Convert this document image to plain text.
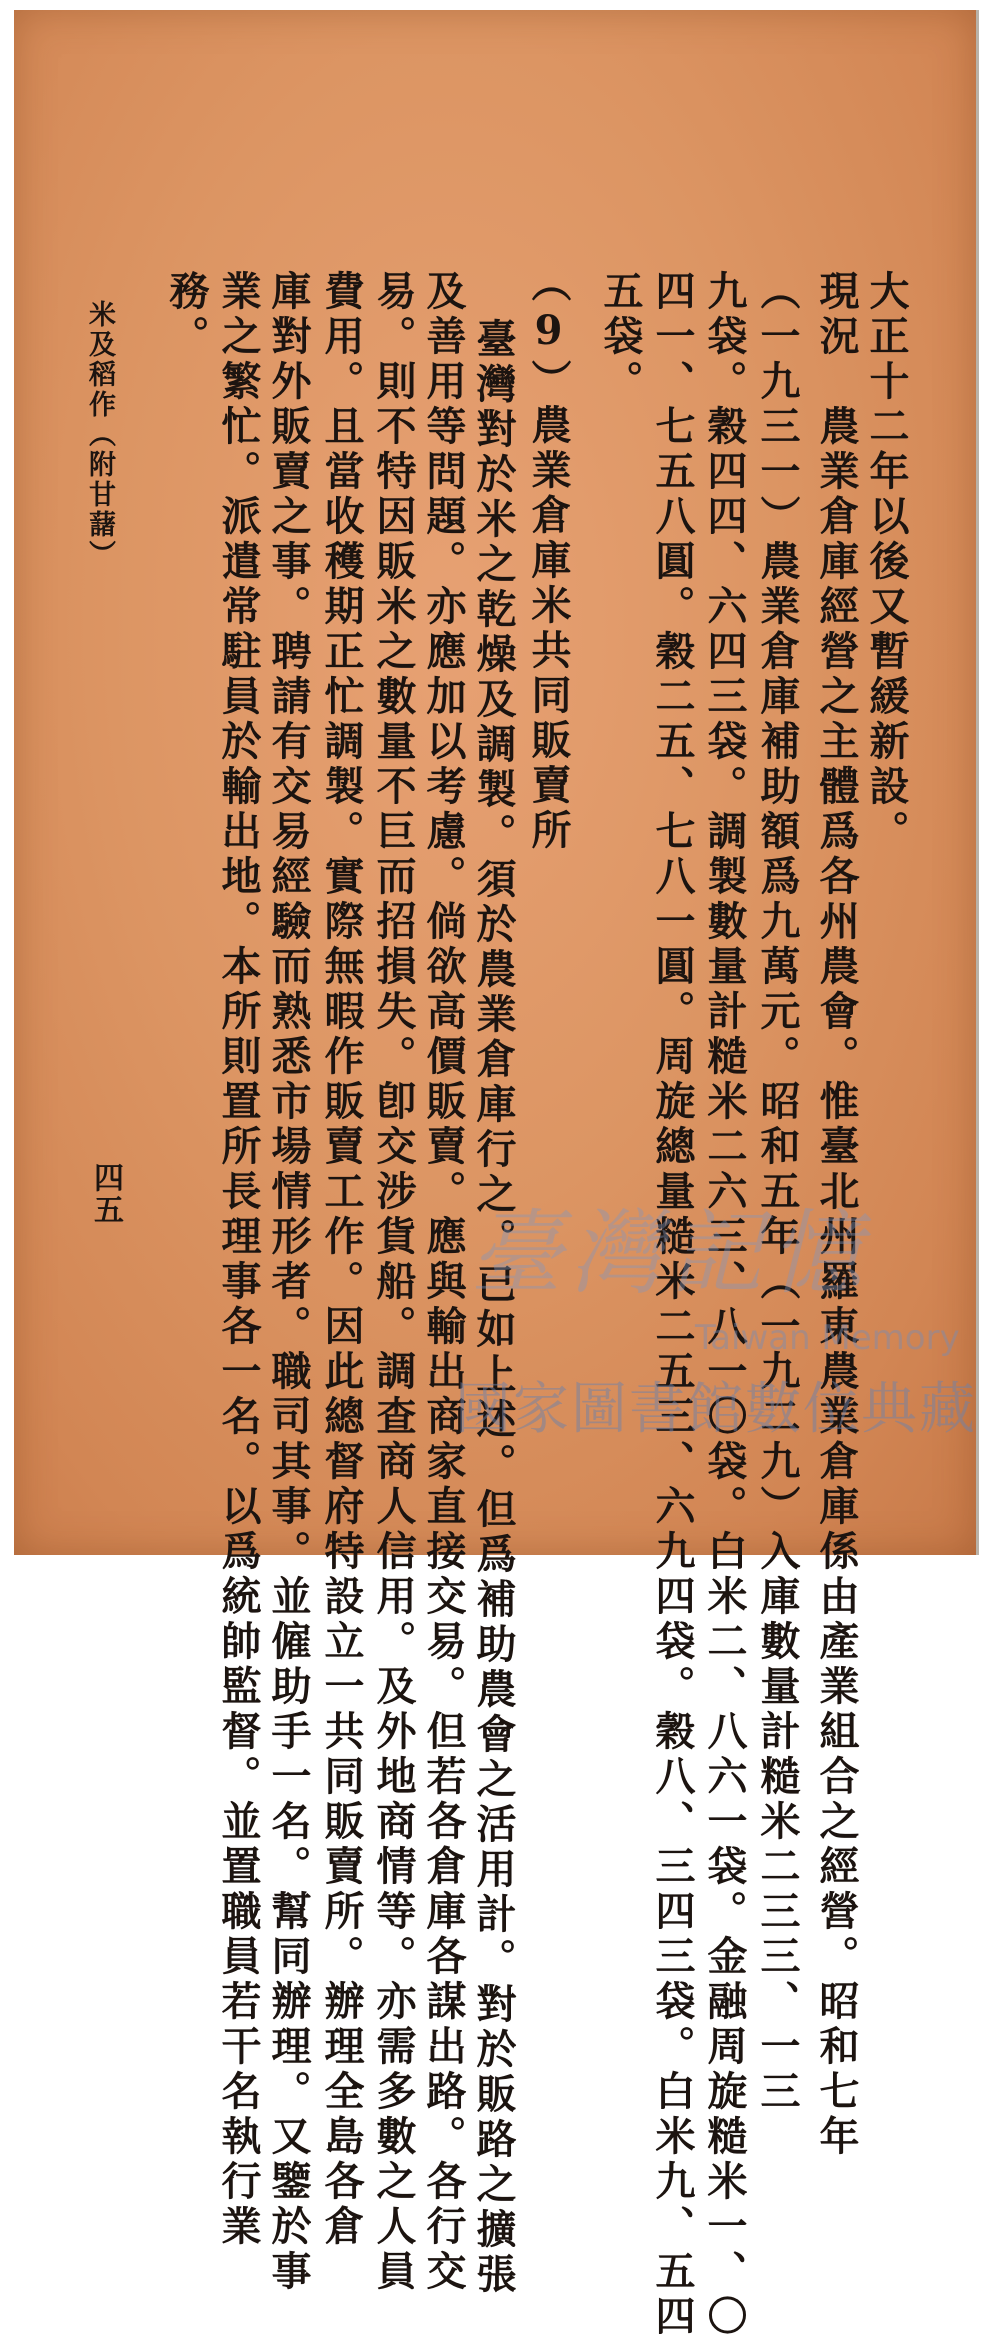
大正十二年以後又暫緩新設。
現況　農業倉庫經營之主體爲各州農會。惟臺北州羅東農業倉庫係由產業組合之經營。昭和七年
（一九三一）農業倉庫補助額爲九萬元。昭和五年（一九二九）入庫數量計糙米二三三、一三
九袋。穀四四、六四三袋。調製數量計糙米二六三、八一〇袋。白米二、八六一袋。金融周旋糙米一、〇
四一、七五八圓。穀二五、七八一圓。周旋總量糙米二五三、六九四袋。穀八、三四三袋。白米九、五四
五袋。
（9）農業倉庫米共同販賣所
臺灣對於米之乾燥及調製。須於農業倉庫行之。已如上述。但爲補助農會之活用計。對於販路之擴張
及善用等問題。亦應加以考慮。倘欲高價販賣。應與輸出商家直接交易。但若各倉庫各謀出路。各行交
易。則不特因販米之數量不巨而招損失。卽交涉貨船。調查商人信用。及外地商情等。亦需多數之人員
費用。且當收穫期正忙調製。實際無暇作販賣工作。因此總督府特設立一共同販賣所。辦理全島各倉
庫對外販賣之事。聘請有交易經驗而熟悉市場情形者。職司其事。並僱助手一名。幫同辦理。又鑒於事
業之繁忙。派遣常駐員於輸出地。本所則置所長理事各一名。以爲統帥監督。並置職員若干名執行業
務。
米及稻作（附甘藷）
四五
臺灣記憶
Taiwan Memory
國家圖書館數位典藏
